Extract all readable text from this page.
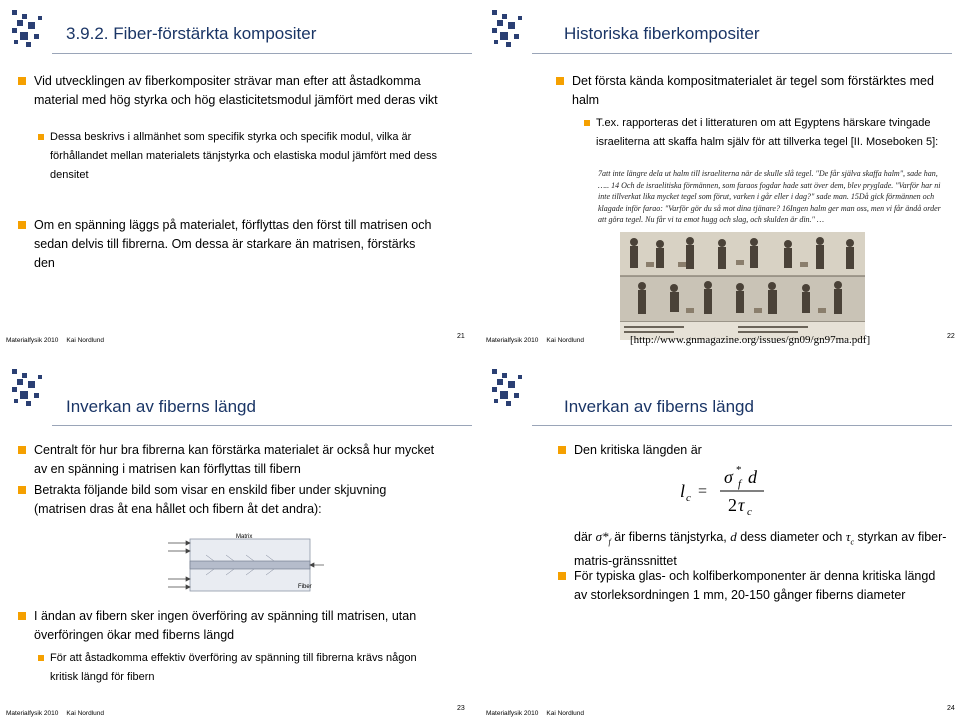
3.9.2. Fiber-förstärkta kompositer
Vid utvecklingen av fiberkompositer strävar man efter att åstadkomma material med hög styrka och hög elasticitetsmodul jämfört med deras vikt
Dessa beskrivs i allmänhet som specifik styrka och specifik modul, vilka är förhållandet mellan materialets tänjstyrka och elastiska modul jämfört med dess densitet
Om en spänning läggs på materialet, förflyttas den först till matrisen och sedan delvis till fibrerna. Om dessa är starkare än matrisen, förstärks den
Materialfysik 2010 Kai Nordlund
21
Historiska fiberkompositer
Det första kända kompositmaterialet är tegel som förstärktes med halm
T.ex. rapporteras det i litteraturen om att Egyptens härskare tvingade israeliterna att skaffa halm själv för att tillverka tegel [II. Moseboken 5]:
Materialfysik 2010 Kai Nordlund	[http://www.gnmagazine.org/issues/gn09/gn97ma.pdf]	22
7att inte längre dela ut halm till israeliterna när de skulle slå tegel. "De får själva skaffa halm", sade han, ….. 14 Och de israelitiska förmännen, som faraos fogdar hade satt över dem, blev pryglade. "Varför har ni inte tillverkat lika mycket tegel som förut, varken i går eller i dag?" sade man. 15Då gick förmännen och klagade inför farao: "Varför gör du så mot dina tjänare? 16Ingen halm ger man oss, men vi får ändå order att göra tegel. Nu får vi ta emot hugg och slag, och skulden är din." …
Inverkan av fiberns längd
Centralt för hur bra fibrerna kan förstärka materialet är också hur mycket av en spänning i matrisen kan förflyttas till fibern
Betrakta följande bild som visar en enskild fiber under skjuvning (matrisen dras åt ena hållet och fibern åt det andra):
Matrix
Fiber
I ändan av fibern sker ingen överföring av spänning till matrisen, utan överföringen ökar med fiberns längd
För att åstadkomma effektiv överföring av spänning till fibrerna krävs någon kritisk längd för fibern
Materialfysik 2010 Kai Nordlund
23
Inverkan av fiberns längd
Den kritiska längden är
l c =
σ *
f d
2 τ c
där $\sigma*_f$ är fiberns tänjstyrka, d dess diameter och $\tau_c$ styrkan av fiber-matris-gränssnittet
För typiska glas- och kolfiberkomponenter är denna kritiska längd av storleksordningen 1 mm, 20-150 gånger fiberns diameter
Materialfysik 2010 Kai Nordlund
24
